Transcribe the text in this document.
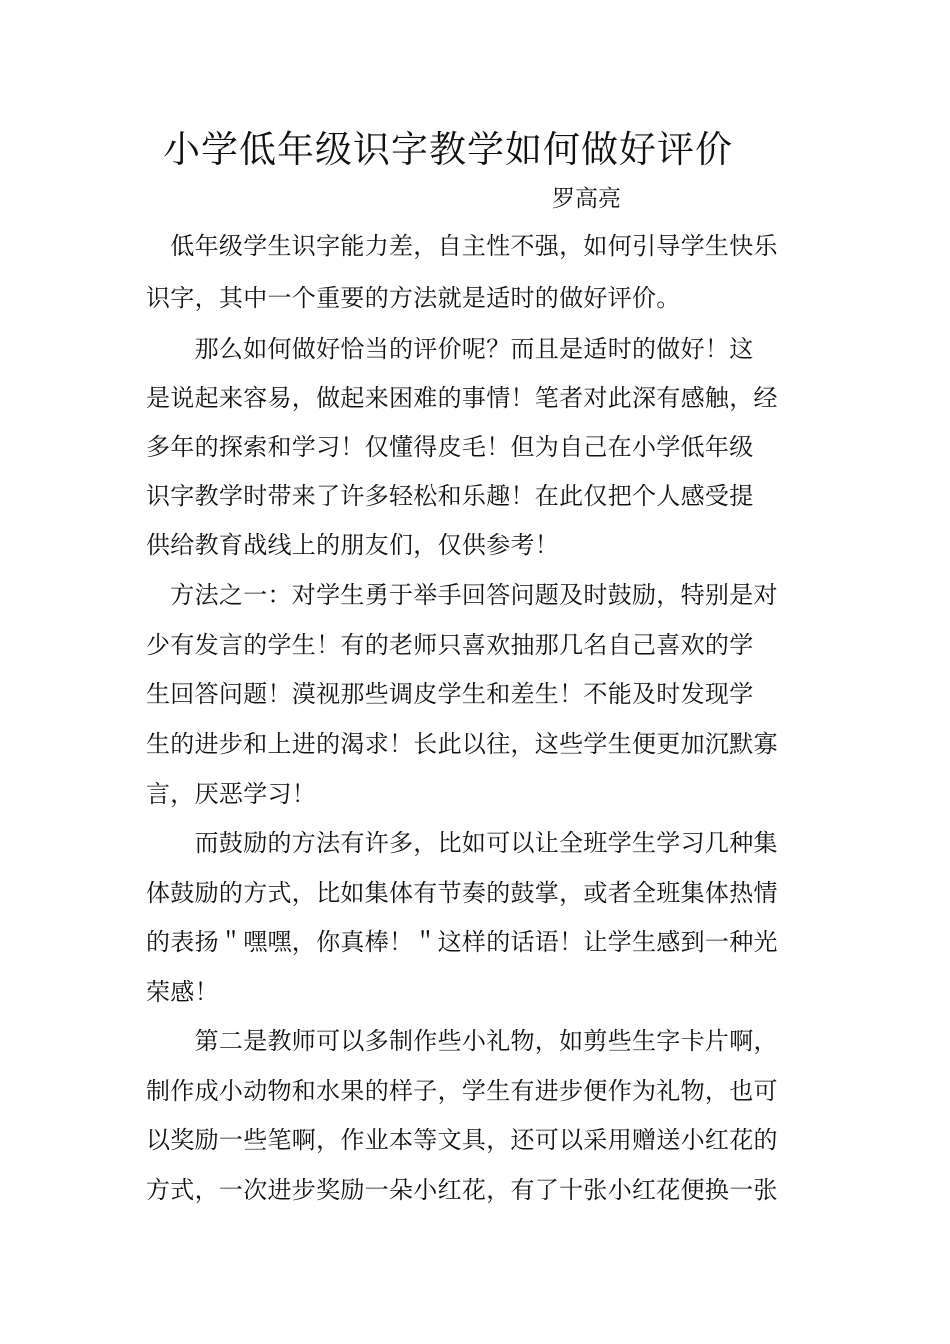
小学低年级识字教学如何做好评价
罗高亮
　低年级学生识字能力差，自主性不强，如何引导学生快乐
识字，其中一个重要的方法就是适时的做好评价。
　　那么如何做好恰当的评价呢？而且是适时的做好！这
是说起来容易，做起来困难的事情！笔者对此深有感触，经
多年的探索和学习！仅懂得皮毛！但为自己在小学低年级
识字教学时带来了许多轻松和乐趣！在此仅把个人感受提
供给教育战线上的朋友们，仅供参考！
　方法之一：对学生勇于举手回答问题及时鼓励，特别是对
少有发言的学生！有的老师只喜欢抽那几名自己喜欢的学
生回答问题！漠视那些调皮学生和差生！不能及时发现学
生的进步和上进的渴求！长此以往，这些学生便更加沉默寡
言，厌恶学习！
　　而鼓励的方法有许多，比如可以让全班学生学习几种集
体鼓励的方式，比如集体有节奏的鼓掌，或者全班集体热情
的表扬＂嘿嘿，你真棒！＂这样的话语！让学生感到一种光
荣感！
　　第二是教师可以多制作些小礼物，如剪些生字卡片啊，
制作成小动物和水果的样子，学生有进步便作为礼物，也可
以奖励一些笔啊，作业本等文具，还可以采用赠送小红花的
方式，一次进步奖励一朵小红花，有了十张小红花便换一张
